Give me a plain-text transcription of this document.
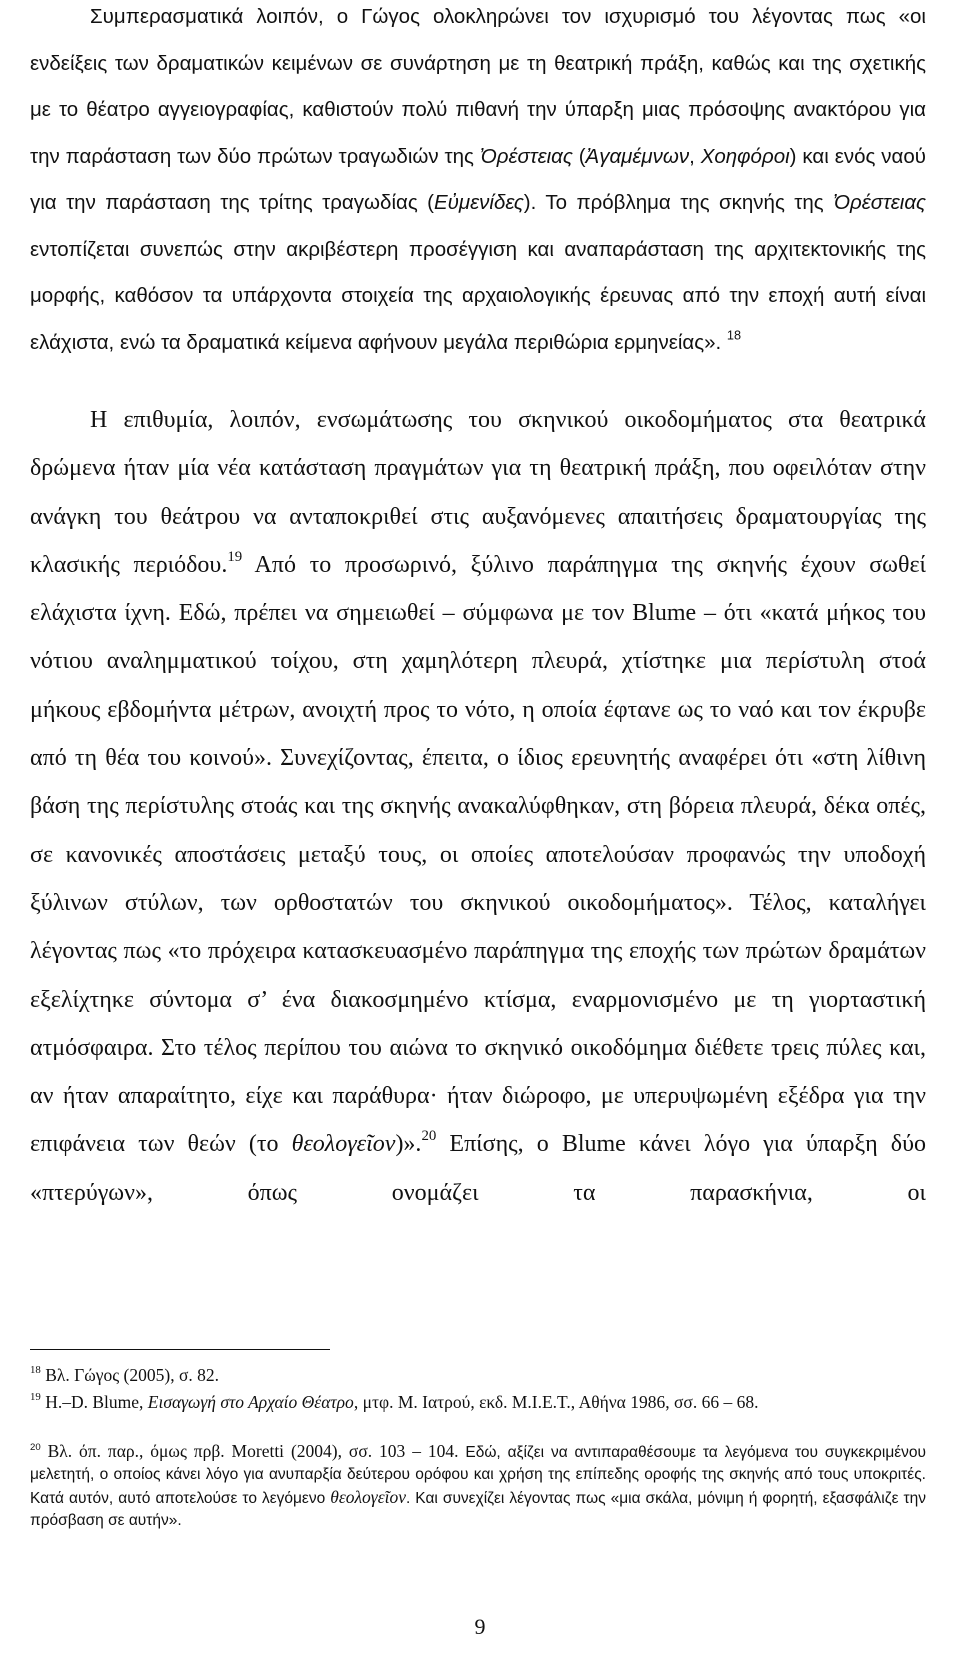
Συμπερασματικά λοιπόν, ο Γώγος ολοκληρώνει τον ισχυρισμό του λέγοντας πως «οι ενδείξεις των δραματικών κειμένων σε συνάρτηση με τη θεατρική πράξη, καθώς και της σχετικής με το θέατρο αγγειογραφίας, καθιστούν πολύ πιθανή την ύπαρξη μιας πρόσοψης ανακτόρου για την παράσταση των δύο πρώτων τραγωδιών της Ὀρέστειας (Ἀγαμέμνων, Χοηφόροι) και ενός ναού για την παράσταση της τρίτης τραγωδίας (Εὐμενίδες). Το πρόβλημα της σκηνής της Ὀρέστειας εντοπίζεται συνεπώς στην ακριβέστερη προσέγγιση και αναπαράσταση της αρχιτεκτονικής της μορφής, καθόσον τα υπάρχοντα στοιχεία της αρχαιολογικής έρευνας από την εποχή αυτή είναι ελάχιστα, ενώ τα δραματικά κείμενα αφήνουν μεγάλα περιθώρια ερμηνείας». $^{18}$

Η επιθυμία, λοιπόν, ενσωμάτωσης του σκηνικού οικοδομήματος στα θεατρικά δρώμενα ήταν μία νέα κατάσταση πραγμάτων για τη θεατρική πράξη, που οφειλόταν στην ανάγκη του θεάτρου να ανταποκριθεί στις αυξανόμενες απαιτήσεις δραματουργίας της κλασικής περιόδου.$^{19}$ Από το προσωρινό, ξύλινο παράπηγμα της σκηνής έχουν σωθεί ελάχιστα ίχνη. Εδώ, πρέπει να σημειωθεί – σύμφωνα με τον Blume – ότι «κατά μήκος του νότιου αναλημματικού τοίχου, στη χαμηλότερη πλευρά, χτίστηκε μια περίστυλη στοά μήκους εβδομήντα μέτρων, ανοιχτή προς το νότο, η οποία έφτανε ως το ναό και τον έκρυβε από τη θέα του κοινού». Συνεχίζοντας, έπειτα, ο ίδιος ερευνητής αναφέρει ότι «στη λίθινη βάση της περίστυλης στοάς και της σκηνής ανακαλύφθηκαν, στη βόρεια πλευρά, δέκα οπές, σε κανονικές αποστάσεις μεταξύ τους, οι οποίες αποτελούσαν προφανώς την υποδοχή ξύλινων στύλων, των ορθοστατών του σκηνικού οικοδομήματος». Τέλος, καταλήγει λέγοντας πως «το πρόχειρα κατασκευασμένο παράπηγμα της εποχής των πρώτων δραμάτων εξελίχτηκε σύντομα σ’ ένα διακοσμημένο κτίσμα, εναρμονισμένο με τη γιορταστική ατμόσφαιρα. Στο τέλος περίπου του αιώνα το σκηνικό οικοδόμημα διέθετε τρεις πύλες και, αν ήταν απαραίτητο, είχε και παράθυρα· ήταν διώροφο, με υπερυψωμένη εξέδρα για την επιφάνεια των θεών (το θεολογεῖον)».$^{20}$ Επίσης, ο Blume κάνει λόγο για ύπαρξη δύο «πτερύγων», όπως ονομάζει τα παρασκήνια, οι

$^{18}$ Βλ. Γώγος (2005), σ. 82.

$^{19}$ H.–D. Blume, Εισαγωγή στο Αρχαίο Θέατρο, μτφ. Μ. Ιατρού, εκδ. Μ.Ι.Ε.Τ., Αθήνα 1986, σσ. 66 – 68.

$^{20}$ Βλ. όπ. παρ., όμως πρβ. Moretti (2004), σσ. 103 – 104. Εδώ, αξίζει να αντιπαραθέσουμε τα λεγόμενα του συγκεκριμένου μελετητή, ο οποίος κάνει λόγο για ανυπαρξία δεύτερου ορόφου και χρήση της επίπεδης οροφής της σκηνής από τους υποκριτές. Κατά αυτόν, αυτό αποτελούσε το λεγόμενο θεολογεῖον. Και συνεχίζει λέγοντας πως «μια σκάλα, μόνιμη ή φορητή, εξασφάλιζε την πρόσβαση σε αυτήν».

9
